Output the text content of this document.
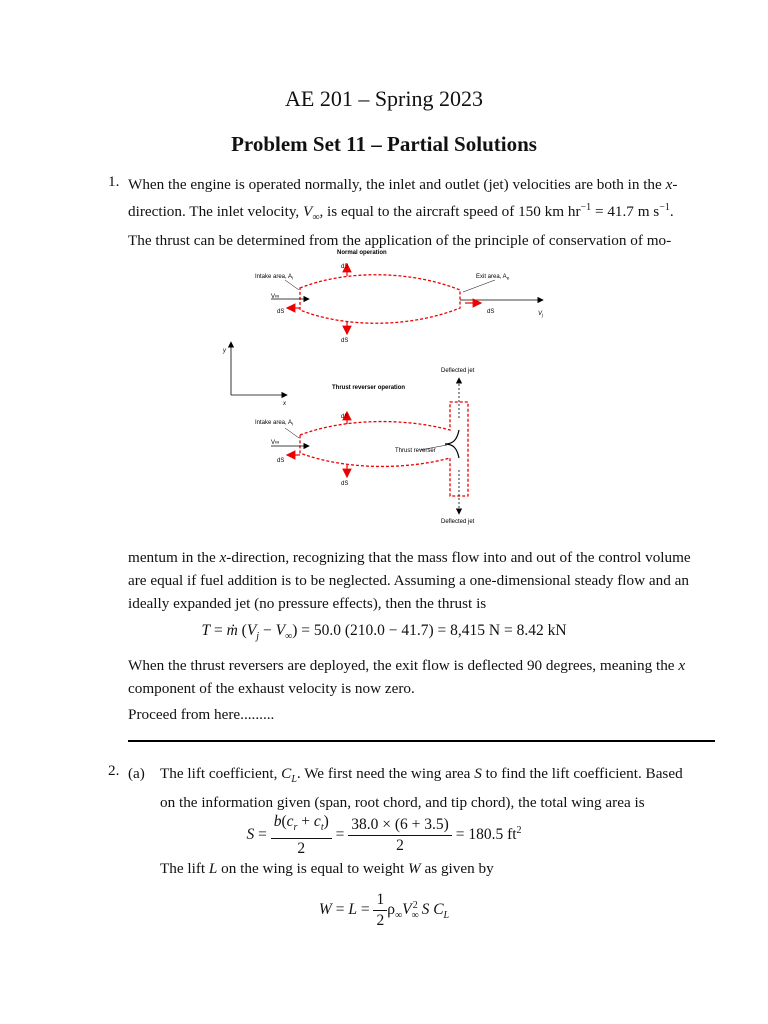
AE 201 – Spring 2023
Problem Set 11 – Partial Solutions
1. When the engine is operated normally, the inlet and outlet (jet) velocities are both in the x-
direction. The inlet velocity, $V_\infty$, is equal to the aircraft speed of 150 km $hr^{-1} = 41.7$ m $s^{-1}$.
The thrust can be determined from the application of the principle of conservation of mo-
Normal operation
Intake area, $A_i$	Exit area, $A_e$
dS
dS
dS	dS
V∞
$V_j$
y
x
Thrust reverser operation
Deflected jet
Deflected jet
Intake area, $A_i$
Thrust reverser
dS
dS
dS
V∞
mentum in the x-direction, recognizing that the mass flow into and out of the control volume
are equal if fuel addition is to be neglected. Assuming a one-dimensional steady flow and an
ideally expanded jet (no pressure effects), then the thrust is
T = ṁ $(V_j - V_\infty) = 50.0$ (210.0 − 41.7) = 8,415 N = 8.42 kN
When the thrust reversers are deployed, the exit flow is deflected 90 degrees, meaning the x
component of the exhaust velocity is now zero.
Proceed from here.........
2. (a) The lift coefficient, $C_L$. We first need the wing area S to find the lift coefficient. Based
on the information given (span, root chord, and tip chord), the total wing area is
$S = \frac{b(c_r + c_t)}{2} = \frac{38.0 \times (6 + 3.5)}{2} = 180.5$ $ft^2$
The lift L on the wing is equal to weight W as given by
$W = L = \frac{1}{2} \rho_\infty V_\infty^2$ S $C_L$
